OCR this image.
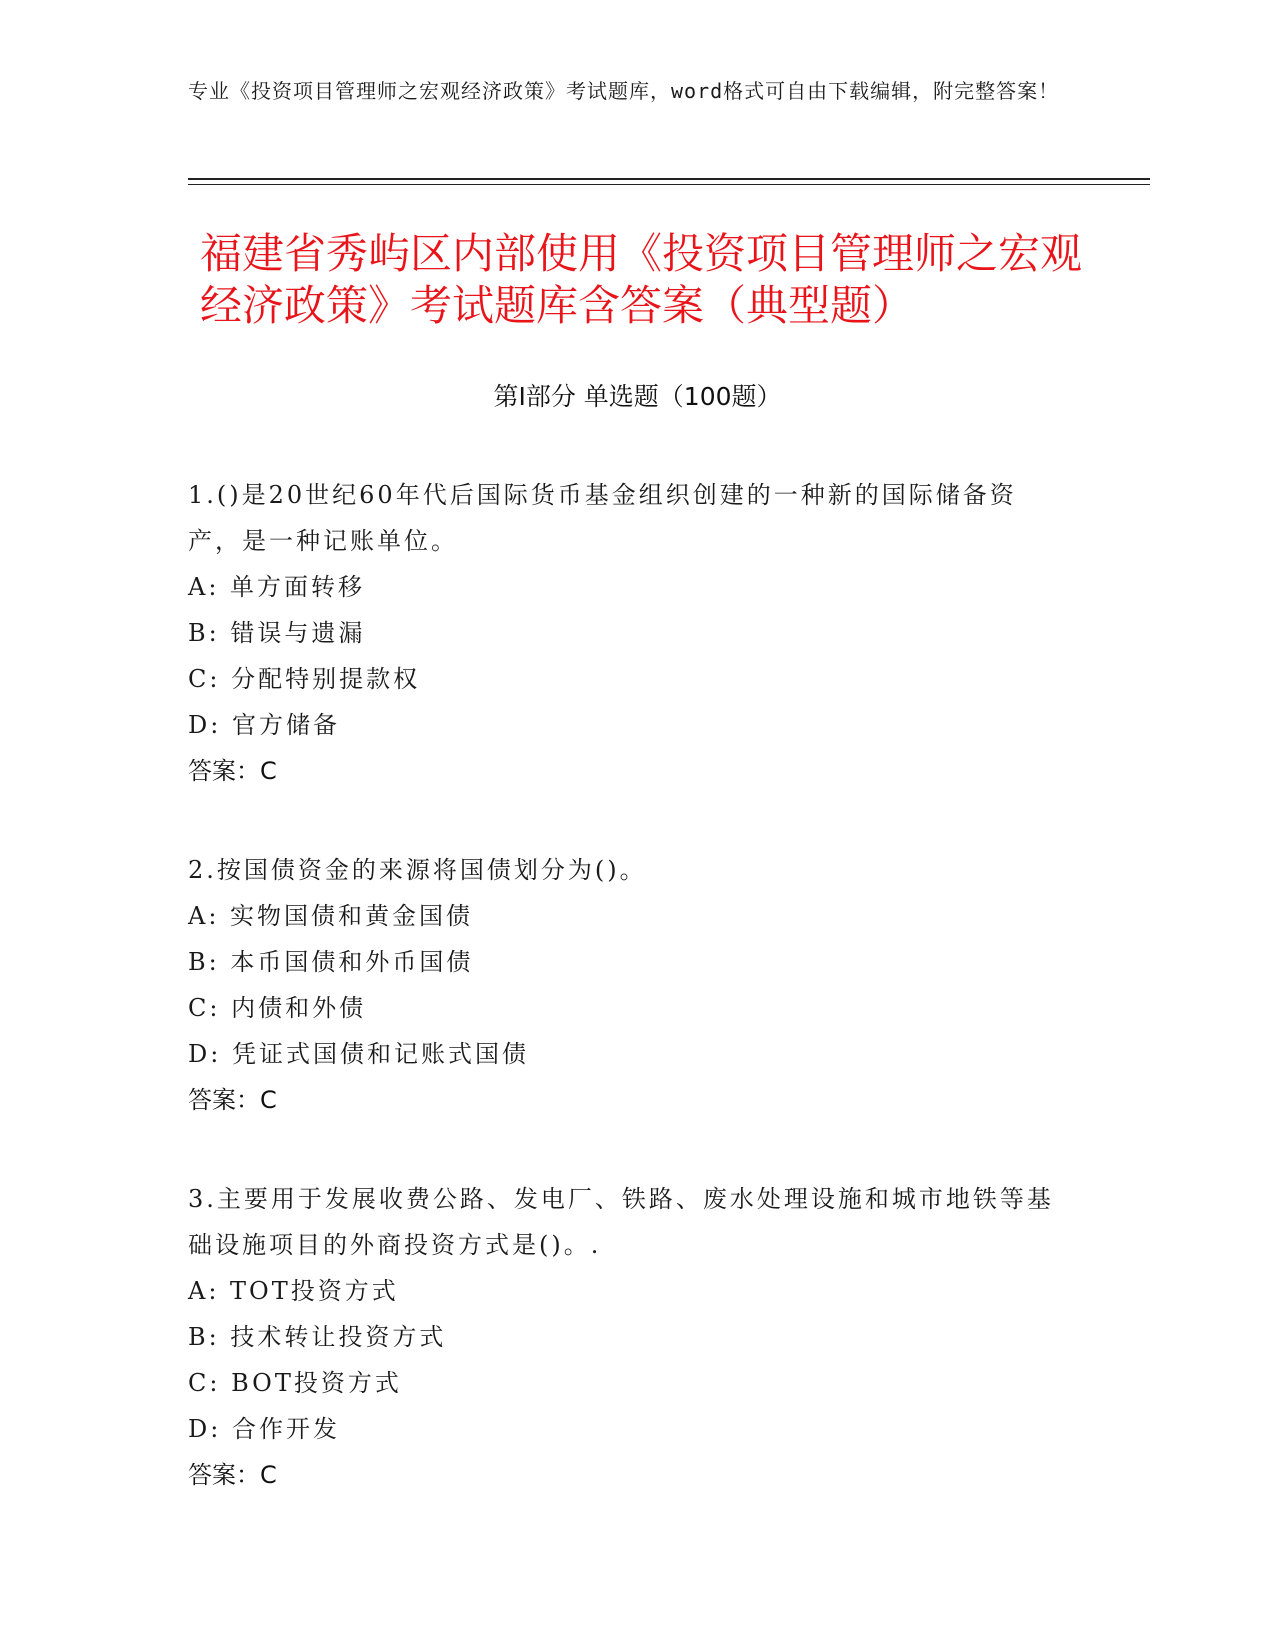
专业《投资项目管理师之宏观经济政策》考试题库，word格式可自由下载编辑，附完整答案！
福建省秀屿区内部使用《投资项目管理师之宏观经济政策》考试题库含答案（典型题）
第I部分 单选题（100题）
1.()是20世纪60年代后国际货币基金组织创建的一种新的国际储备资产，是一种记账单位。
A: 单方面转移
B: 错误与遗漏
C: 分配特别提款权
D: 官方储备
答案：C
2.按国债资金的来源将国债划分为()。
A: 实物国债和黄金国债
B: 本币国债和外币国债
C: 内债和外债
D: 凭证式国债和记账式国债
答案：C
3.主要用于发展收费公路、发电厂、铁路、废水处理设施和城市地铁等基础设施项目的外商投资方式是()。.
A: TOT投资方式
B: 技术转让投资方式
C: BOT投资方式
D: 合作开发
答案：C
